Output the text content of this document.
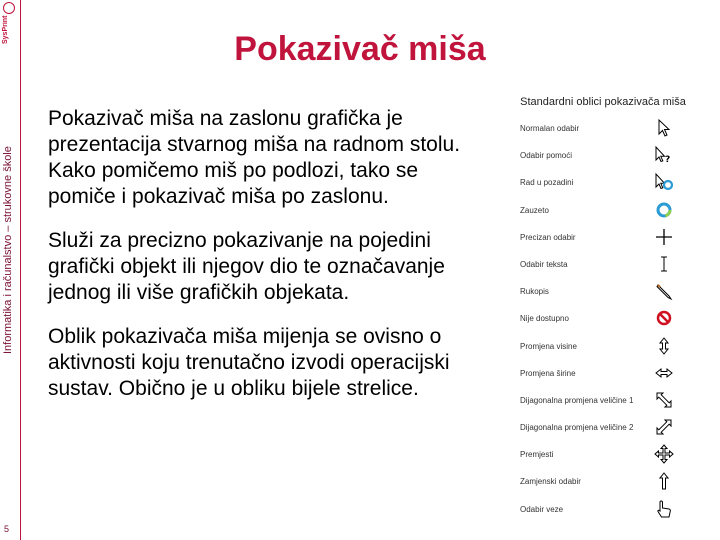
SysPrint
Informatika i računalstvo – strukovne škole
5
Pokazivač miša

Pokazivač miša na zaslonu grafička je prezentacija stvarnog miša na radnom stolu. Kako pomičemo miš po podlozi, tako se pomiče i pokazivač miša po zaslonu.

Služi za precizno pokazivanje na pojedini grafički objekt ili njegov dio te označavanje jednog ili više grafičkih objekata.

Oblik pokazivača miša mijenja se ovisno o aktivnosti koju trenutačno izvodi operacijski sustav. Obično je u obliku bijele strelice.

Standardni oblici pokazivača miša
Normalan odabir
Odabir pomoći	?
Rad u pozadini
Zauzeto
Precizan odabir
Odabir teksta
Rukopis
Nije dostupno
Promjena visine
Promjena širine
Dijagonalna promjena veličine 1
Dijagonalna promjena veličine 2
Premjesti
Zamjenski odabir
Odabir veze
